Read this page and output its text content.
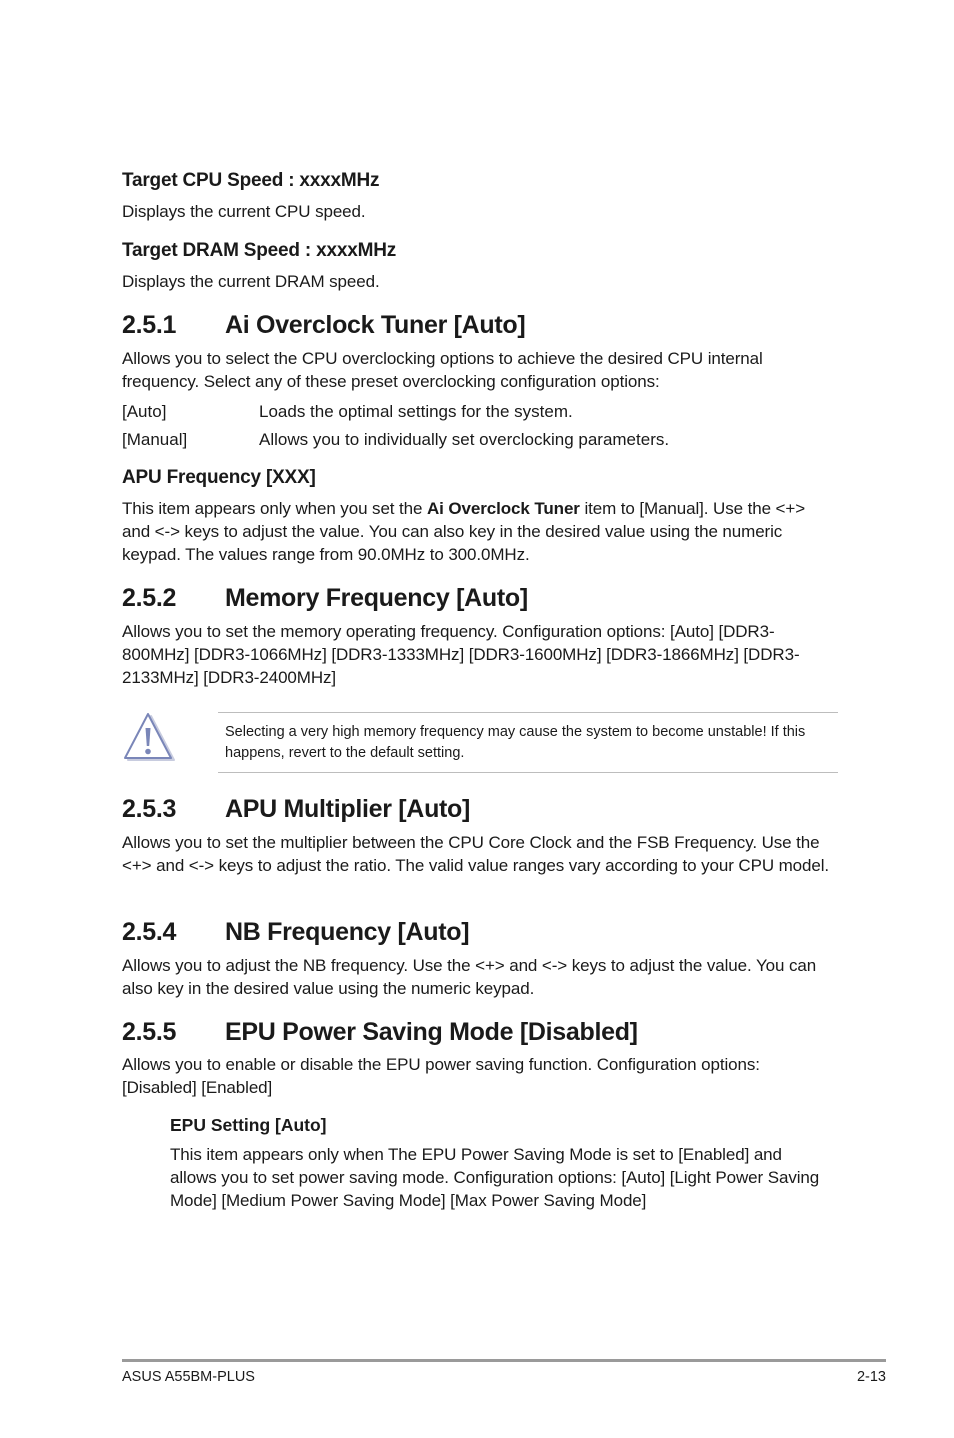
Target CPU Speed : xxxxMHz
Displays the current CPU speed.
Target DRAM Speed : xxxxMHz
Displays the current DRAM speed.
2.5.1	Ai Overclock Tuner [Auto]
Allows you to select the CPU overclocking options to achieve the desired CPU internal frequency. Select any of these preset overclocking configuration options:
[Auto]	Loads the optimal settings for the system.
[Manual]	Allows you to individually set overclocking parameters.
APU Frequency [XXX]
This item appears only when you set the Ai Overclock Tuner item to [Manual]. Use the <+> and <-> keys to adjust the value. You can also key in the desired value using the numeric keypad. The values range from 90.0MHz to 300.0MHz.
2.5.2	Memory Frequency [Auto]
Allows you to set the memory operating frequency. Configuration options: [Auto] [DDR3-800MHz] [DDR3-1066MHz] [DDR3-1333MHz] [DDR3-1600MHz] [DDR3-1866MHz] [DDR3-2133MHz] [DDR3-2400MHz]
Selecting a very high memory frequency may cause the system to become unstable! If this happens, revert to the default setting.
2.5.3	APU Multiplier [Auto]
Allows you to set the multiplier between the CPU Core Clock and the FSB Frequency. Use the <+> and <-> keys to adjust the ratio. The valid value ranges vary according to your CPU model.
2.5.4	NB Frequency [Auto]
Allows you to adjust the NB frequency. Use the <+> and <-> keys to adjust the value. You can also key in the desired value using the numeric keypad.
2.5.5	EPU Power Saving Mode [Disabled]
Allows you to enable or disable the EPU power saving function. Configuration options: [Disabled] [Enabled]
EPU Setting [Auto]
This item appears only when The EPU Power Saving Mode is set to [Enabled] and allows you to set power saving mode. Configuration options: [Auto] [Light Power Saving Mode] [Medium Power Saving Mode] [Max Power Saving Mode]
ASUS A55BM-PLUS	2-13
